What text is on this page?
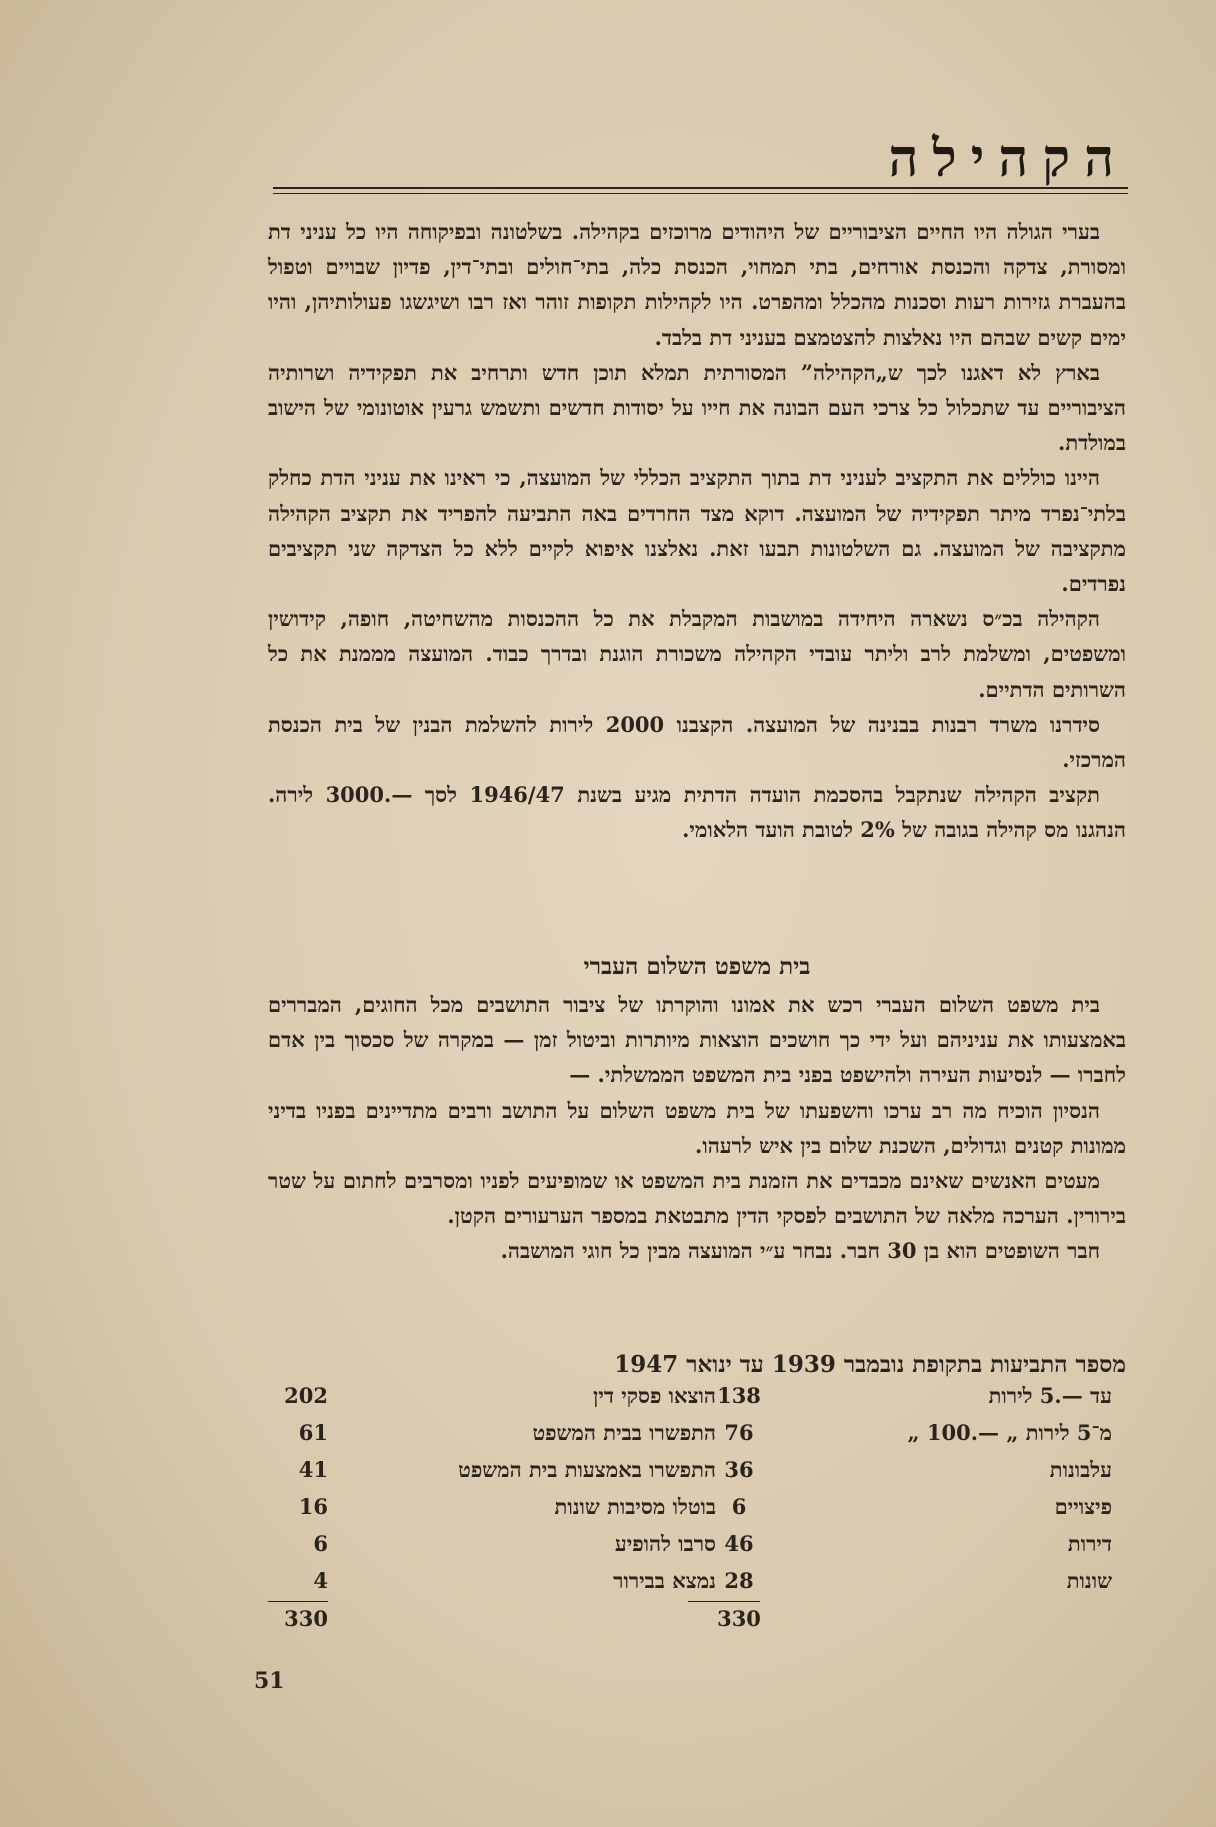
הקהילה

בערי הגולה היו החיים הציבוריים של היהודים מרוכזים בקהילה. בשלטונה ובפיקוחה היו כל עניני דת ומסורת, צדקה והכנסת אורחים, בתי תמחוי, הכנסת כלה, בתי־חולים ובתי־דין, פדיון שבויים וטפול בהעברת גזירות רעות וסכנות מהכלל ומהפרט. היו לקהילות תקופות זוהר ואז רבו ושיגשגו פעולותיהן, והיו ימים קשים שבהם היו נאלצות להצטמצם בעניני דת בלבד.

בארץ לא דאגנו לכך ש„הקהילה” המסורתית תמלא תוכן חדש ותרחיב את תפקידיה ושרותיה הציבוריים עד שתכלול כל צרכי העם הבונה את חייו על יסודות חדשים ותשמש גרעין אוטונומי של הישוב במולדת.

היינו כוללים את התקציב לעניני דת בתוך התקציב הכללי של המועצה, כי ראינו את עניני הדת כחלק בלתי־נפרד מיתר תפקידיה של המועצה. דוקא מצד החרדים באה התביעה להפריד את תקציב הקהילה מתקציבה של המועצה. גם השלטונות תבעו זאת. נאלצנו איפוא לקיים ללא כל הצדקה שני תקציבים נפרדים.

הקהילה בכ״ס נשארה היחידה במושבות המקבלת את כל ההכנסות מהשחיטה, חופה, קידושין ומשפטים, ומשלמת לרב וליתר עובדי הקהילה משכורת הוגנת ובדרך כבוד. המועצה מממנת את כל השרותים הדתיים.

סידרנו משרד רבנות בבנינה של המועצה. הקצבנו 2000 לירות להשלמת הבנין של בית הכנסת המרכזי.

תקציב הקהילה שנתקבל בהסכמת הועדה הדתית מגיע בשנת 1946/47 לסך ‎3000.—‎ לירה. הנהגנו מס קהילה בגובה של 2% לטובת הועד הלאומי.

בית משפט השלום העברי

בית משפט השלום העברי רכש את אמונו והוקרתו של ציבור התושבים מכל החוגים, המבררים באמצעותו את עניניהם ועל ידי כך חושכים הוצאות מיותרות וביטול זמן — במקרה של סכסוך בין אדם לחברו — לנסיעות העירה ולהישפט בפני בית המשפט הממשלתי. —

הנסיון הוכיח מה רב ערכו והשפעתו של בית משפט השלום על התושב ורבים מתדיינים בפניו בדיני ממונות קטנים וגדולים, השכנת שלום בין איש לרעהו.

מעטים האנשים שאינם מכבדים את הזמנת בית המשפט או שמופיעים לפניו ומסרבים לחתום על שטר בירורין. הערכה מלאה של התושבים לפסקי הדין מתבטאת במספר הערעורים הקטן.

חבר השופטים הוא בן 30 חבר. נבחר ע״י המועצה מבין כל חוגי המושבה.

מספר התביעות בתקופת נובמבר 1939 עד ינואר 1947
עד —.5 לירות
138
הוצאו פסקי דין
202
מ־5 לירות „ —.100 „
76
התפשרו בבית המשפט
61
עלבונות
36
התפשרו באמצעות בית המשפט
41
פיצויים
6
בוטלו מסיבות שונות
16
דירות
46
סרבו להופיע
6
שונות
28
נמצא בבירור
4
330
330
51
